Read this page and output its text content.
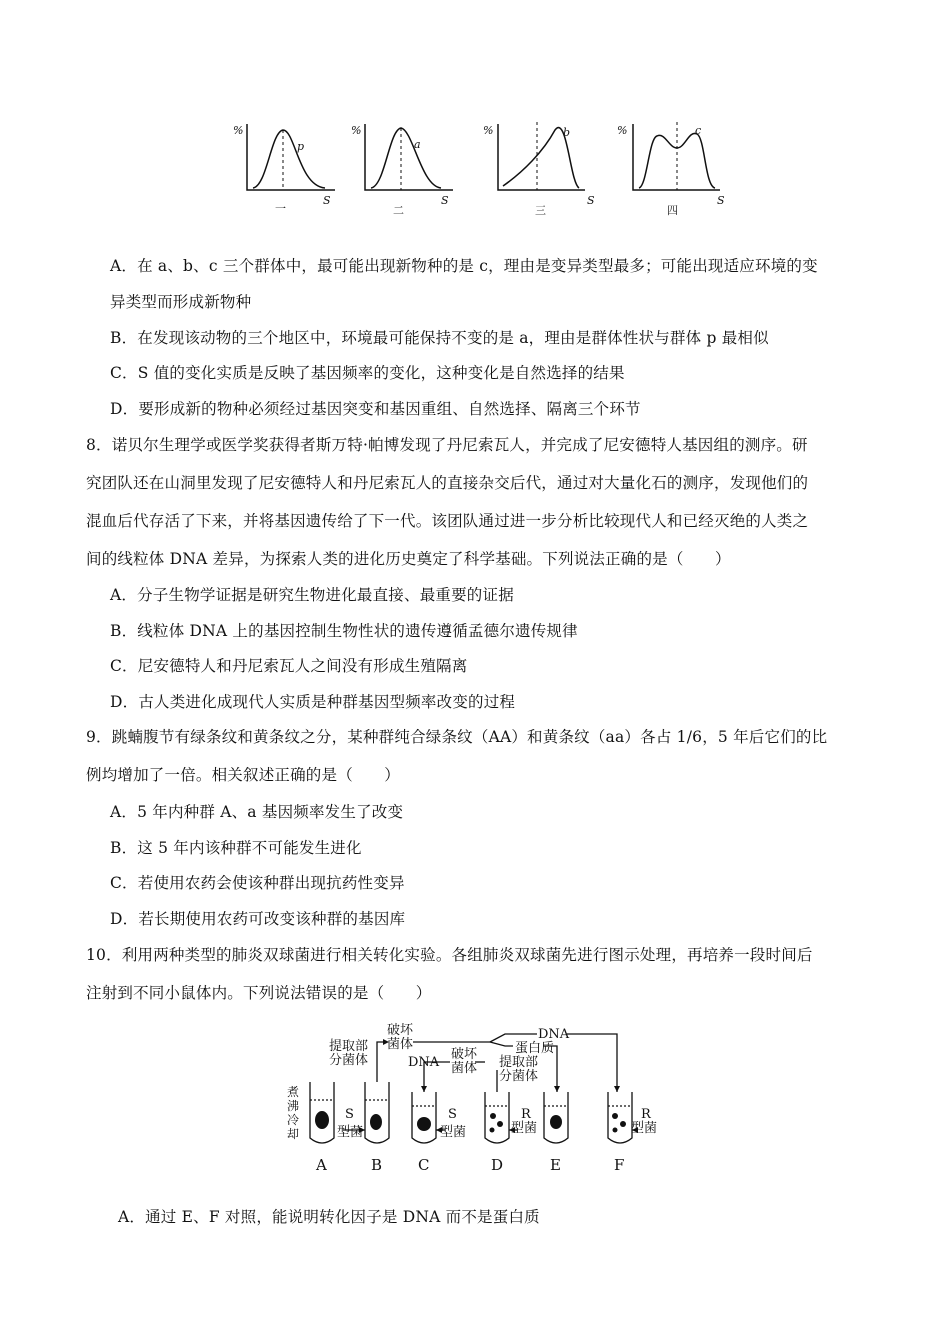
%
p
S
一
%
a
S
二
%	b
S
三
%	c
S
四
A．在 a、b、c 三个群体中，最可能出现新物种的是 c，理由是变异类型最多；可能出现适应环境的变
异类型而形成新物种
B．在发现该动物的三个地区中，环境最可能保持不变的是 a，理由是群体性状与群体 p 最相似
C．S 值的变化实质是反映了基因频率的变化，这种变化是自然选择的结果
D．要形成新的物种必须经过基因突变和基因重组、自然选择、隔离三个环节
8．诺贝尔生理学或医学奖获得者斯万特·帕博发现了丹尼索瓦人，并完成了尼安德特人基因组的测序。研
究团队还在山洞里发现了尼安德特人和丹尼索瓦人的直接杂交后代，通过对大量化石的测序，发现他们的
混血后代存活了下来，并将基因遗传给了下一代。该团队通过进一步分析比较现代人和已经灭绝的人类之
间的线粒体 DNA 差异，为探索人类的进化历史奠定了科学基础。下列说法正确的是（　　）
A．分子生物学证据是研究生物进化最直接、最重要的证据
B．线粒体 DNA 上的基因控制生物性状的遗传遵循孟德尔遗传规律
C．尼安德特人和丹尼索瓦人之间没有形成生殖隔离
D．古人类进化成现代人实质是种群基因型频率改变的过程
9．跳蝻腹节有绿条纹和黄条纹之分，某种群纯合绿条纹（AA）和黄条纹（aa）各占 1/6，5 年后它们的比
例均增加了一倍。相关叙述正确的是（　　）
A．5 年内种群 A、a 基因频率发生了改变
B．这 5 年内该种群不可能发生进化
C．若使用农药会使该种群出现抗药性变异
D．若长期使用农药可改变该种群的基因库
10．利用两种类型的肺炎双球菌进行相关转化实验。各组肺炎双球菌先进行图示处理，再培养一段时间后
注射到不同小鼠体内。下列说法错误的是（　　）
煮沸冷却
S
型菌
S
型菌
R
型菌
R
型菌
提取部
分菌体
破坏
菌体
DNA
蛋白质
DNA
破坏
菌体 提取部
分菌体
A	B C	D	E	F
A．通过 E、F 对照，能说明转化因子是 DNA 而不是蛋白质
